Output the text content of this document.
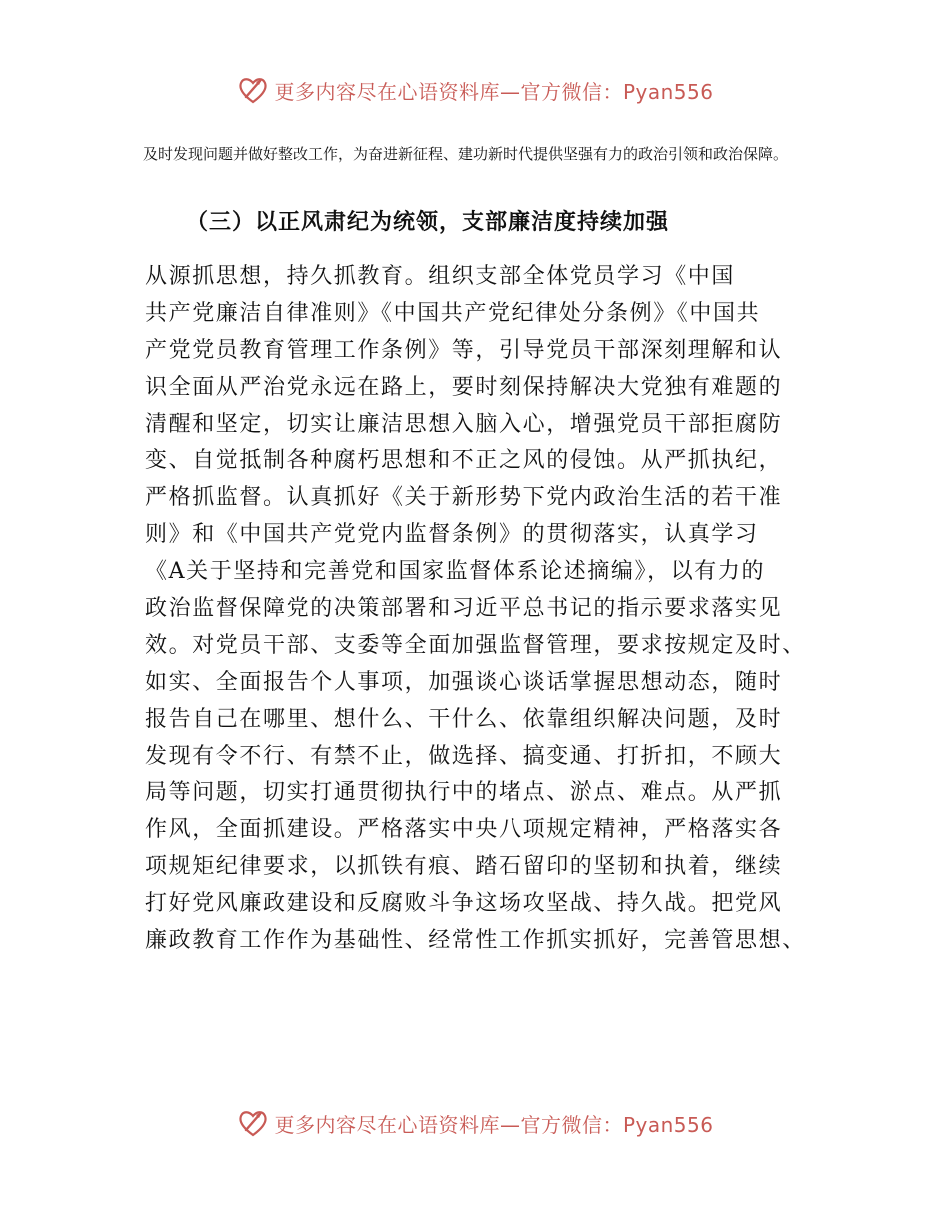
更多内容尽在心语资料库—官方微信：Pyan556

及时发现问题并做好整改工作，为奋进新征程、建功新时代提供坚强有力的政治引领和政治保障。

（三）以正风肃纪为统领，支部廉洁度持续加强
从源抓思想，持久抓教育。组织支部全体党员学习《中国
共产党廉洁自律准则》《中国共产党纪律处分条例》《中国共
产党党员教育管理工作条例》等，引导党员干部深刻理解和认
识全面从严治党永远在路上，要时刻保持解决大党独有难题的
清醒和坚定，切实让廉洁思想入脑入心，增强党员干部拒腐防
变、自觉抵制各种腐朽思想和不正之风的侵蚀。从严抓执纪，
严格抓监督。认真抓好《关于新形势下党内政治生活的若干准
则》和《中国共产党党内监督条例》的贯彻落实，认真学习
《A关于坚持和完善党和国家监督体系论述摘编》，以有力的
政治监督保障党的决策部署和习近平总书记的指示要求落实见
效。对党员干部、支委等全面加强监督管理，要求按规定及时、
如实、全面报告个人事项，加强谈心谈话掌握思想动态，随时
报告自己在哪里、想什么、干什么、依靠组织解决问题，及时
发现有令不行、有禁不止，做选择、搞变通、打折扣，不顾大
局等问题，切实打通贯彻执行中的堵点、淤点、难点。从严抓
作风，全面抓建设。严格落实中央八项规定精神，严格落实各
项规矩纪律要求，以抓铁有痕、踏石留印的坚韧和执着，继续
打好党风廉政建设和反腐败斗争这场攻坚战、持久战。把党风
廉政教育工作作为基础性、经常性工作抓实抓好，完善管思想、
更多内容尽在心语资料库—官方微信：Pyan556
